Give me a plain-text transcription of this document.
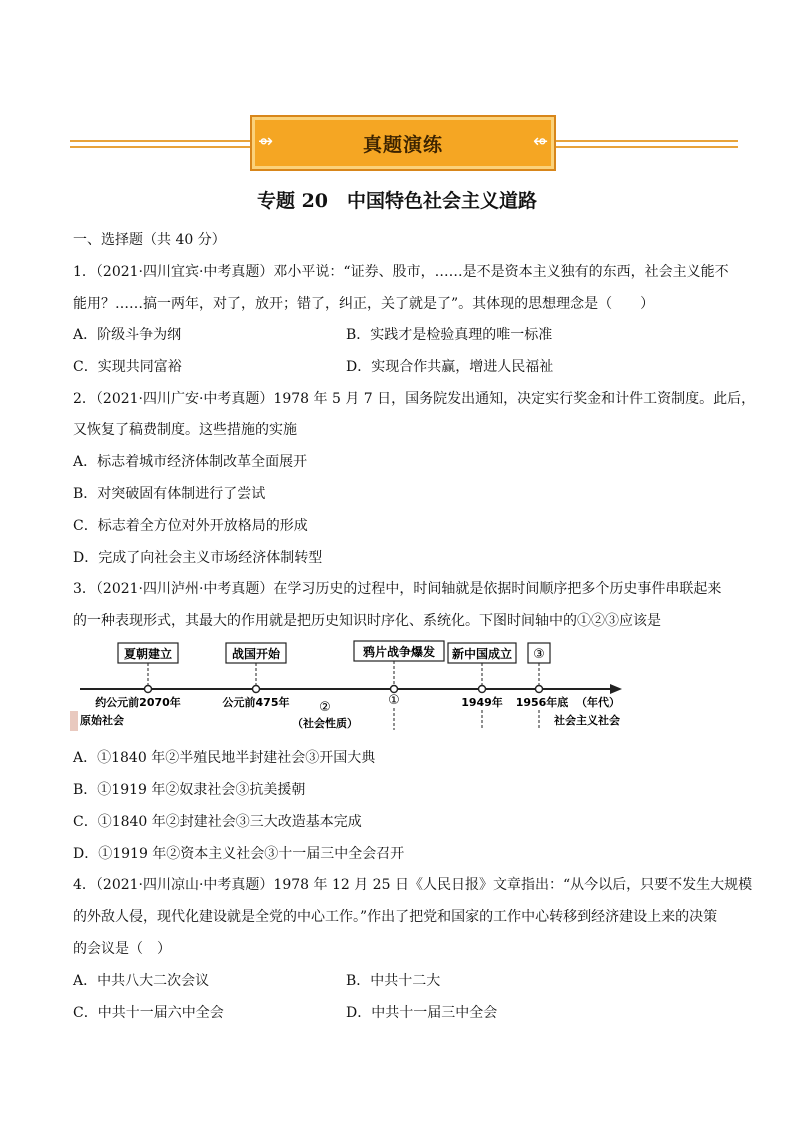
⇴	真题演练	⇴
专题 20　中国特色社会主义道路
一、选择题（共 40 分）
1．（2021·四川宜宾·中考真题）邓小平说：“证券、股市，……是不是资本主义独有的东西，社会主义能不
能用？……搞一两年，对了，放开；错了，纠正，关了就是了”。其体现的思想理念是（　　）
A．阶级斗争为纲	B．实践才是检验真理的唯一标准
C．实现共同富裕	D．实现合作共赢，增进人民福祉
2．（2021·四川广安·中考真题）1978 年 5 月 7 日，国务院发出通知，决定实行奖金和计件工资制度。此后，
又恢复了稿费制度。这些措施的实施
A．标志着城市经济体制改革全面展开
B．对突破固有体制进行了尝试
C．标志着全方位对外开放格局的形成
D．完成了向社会主义市场经济体制转型
3．（2021·四川泸州·中考真题）在学习历史的过程中，时间轴就是依据时间顺序把多个历史事件串联起来
的一种表现形式，其最大的作用就是把历史知识时序化、系统化。下图时间轴中的①②③应该是
夏朝建立	战国开始	鸦片战争爆发 新中国成立 ③
约公元前2070年	公元前475年	①	1949年 1956年底 （年代）
②
（社会性质）
原始社会	社会主义社会
A．①1840 年②半殖民地半封建社会③开国大典
B．①1919 年②奴隶社会③抗美援朝
C．①1840 年②封建社会③三大改造基本完成
D．①1919 年②资本主义社会③十一届三中全会召开
4．（2021·四川凉山·中考真题）1978 年 12 月 25 日《人民日报》文章指出：“从今以后，只要不发生大规模
的外敌人侵，现代化建设就是全党的中心工作。”作出了把党和国家的工作中心转移到经济建设上来的决策
的会议是（　）
A．中共八大二次会议	B．中共十二大
C．中共十一届六中全会	D．中共十一届三中全会
